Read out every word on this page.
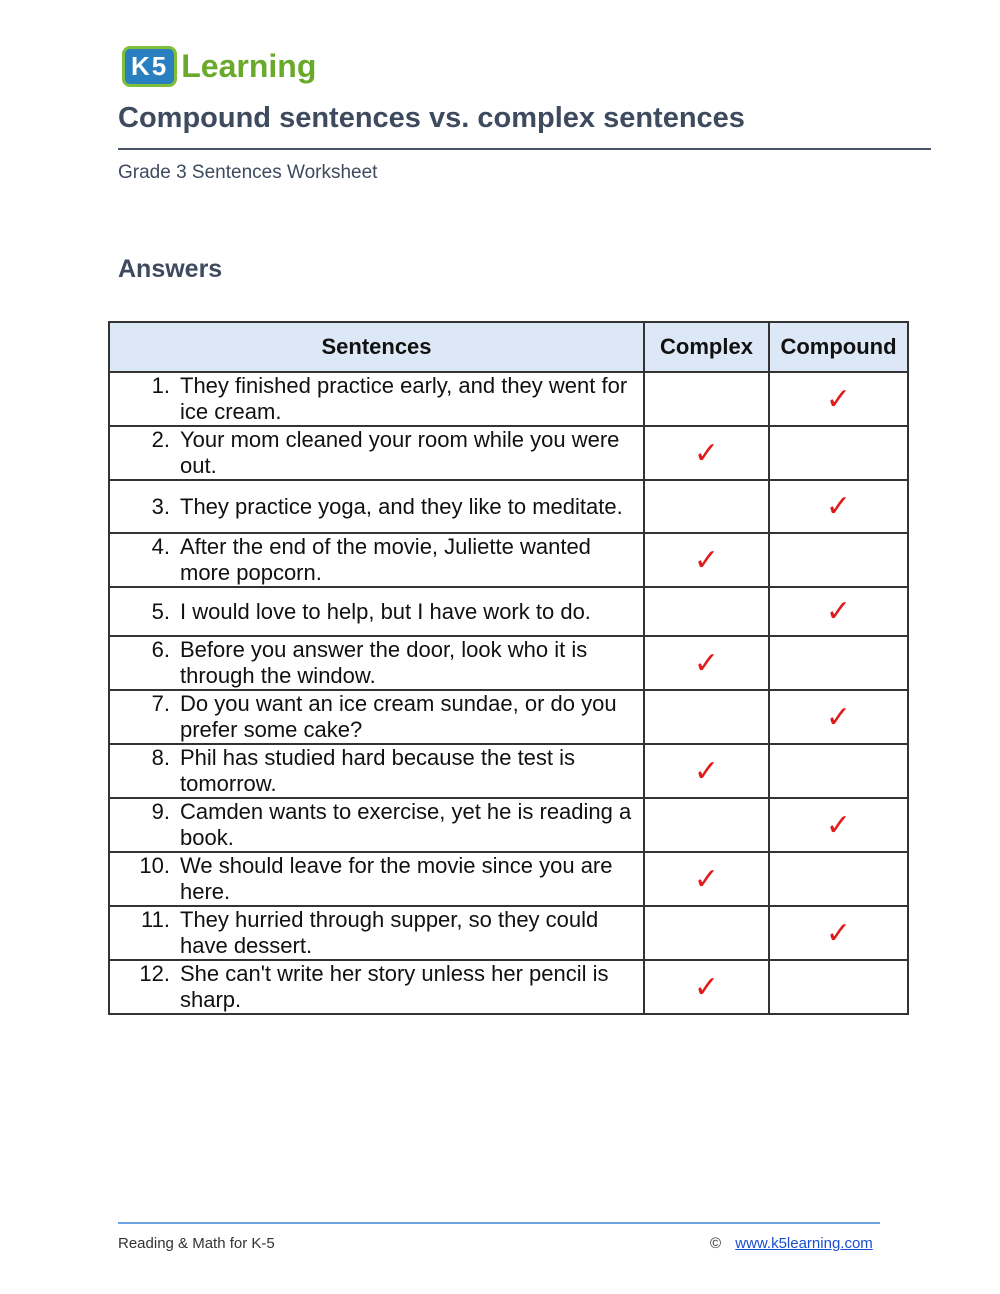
K5 Learning
Compound sentences vs. complex sentences
Grade 3 Sentences Worksheet
Answers
Sentences	Complex	Compound

1. They finished practice early, and they went for ice cream.		✓

2. Your mom cleaned your room while you were out.	✓	

3. They practice yoga, and they like to meditate.		✓

4. After the end of the movie, Juliette wanted more popcorn.	✓	

5. I would love to help, but I have work to do.		✓

6. Before you answer the door, look who it is through the window.	✓	

7. Do you want an ice cream sundae, or do you prefer some cake?		✓

8. Phil has studied hard because the test is tomorrow.	✓	

9. Camden wants to exercise, yet he is reading a book.		✓

10. We should leave for the movie since you are here.	✓	

11. They hurried through supper, so they could have dessert.		✓

12. She can't write her story unless her pencil is sharp.	✓	
Reading & Math for K-5	© www.k5learning.com
